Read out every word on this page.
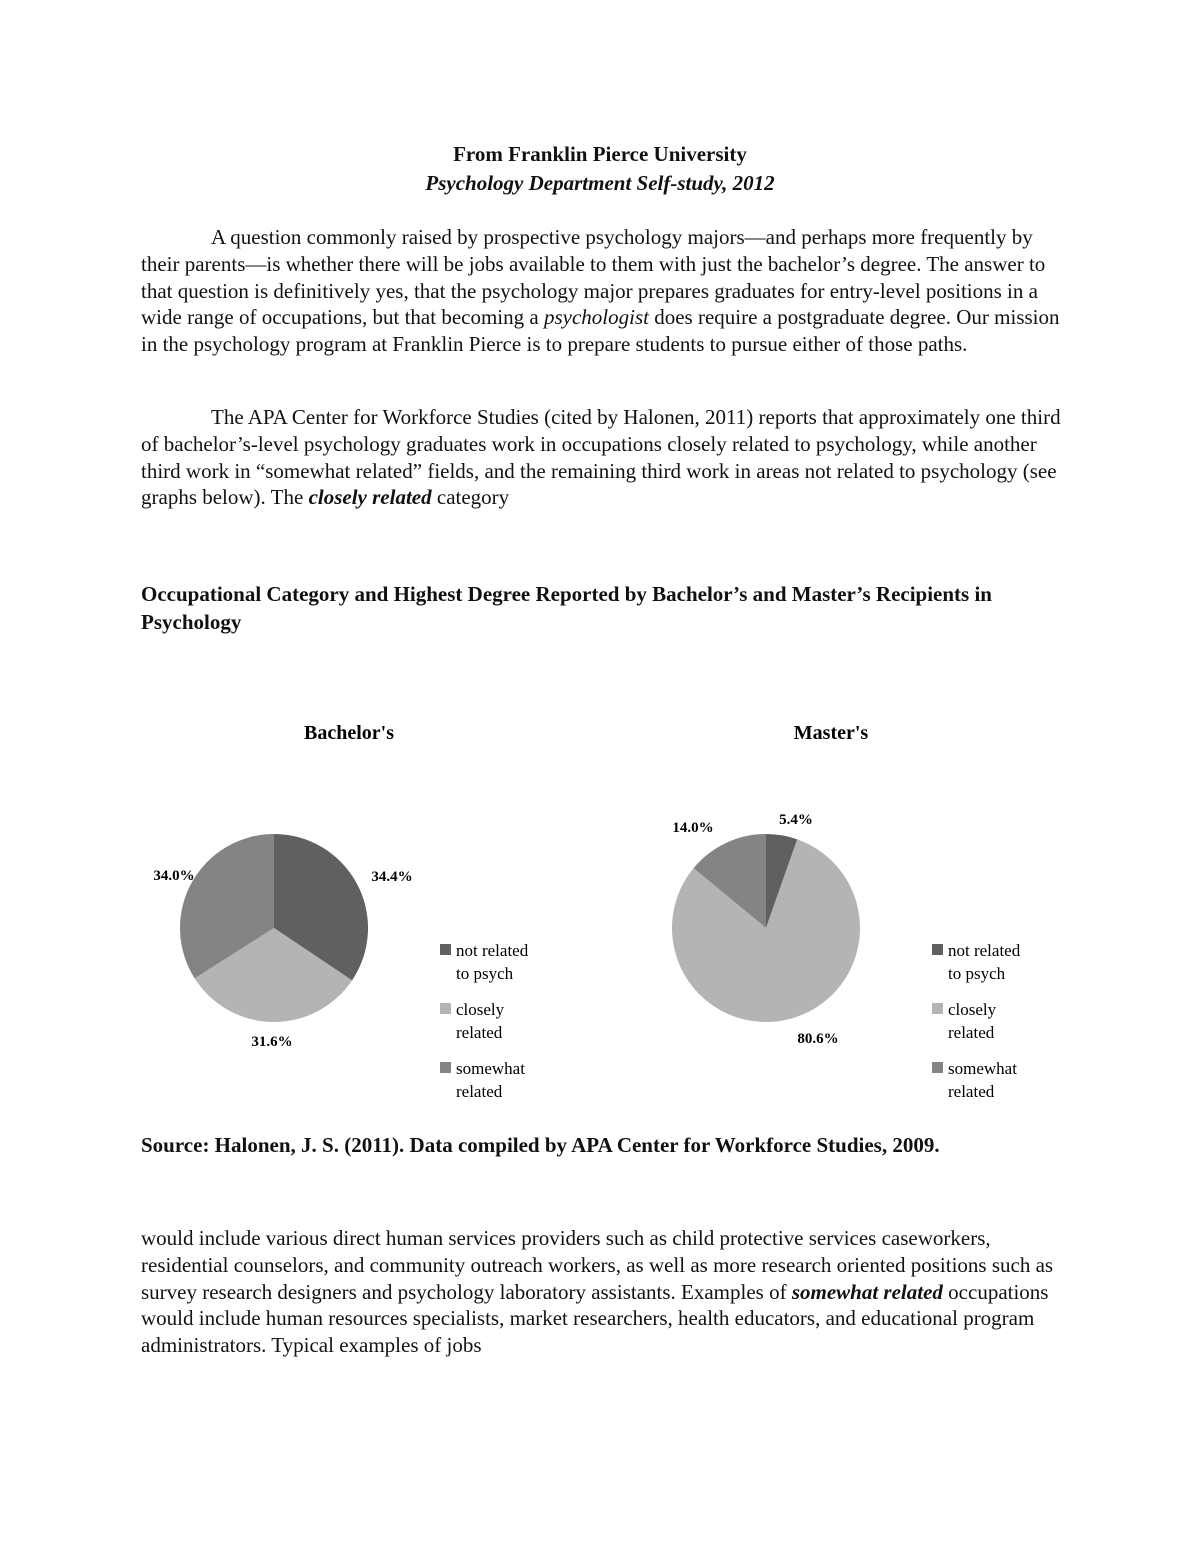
From Franklin Pierce University
Psychology Department Self-study, 2012

A question commonly raised by prospective psychology majors—and perhaps more frequently by their parents—is whether there will be jobs available to them with just the bachelor’s degree. The answer to that question is definitively yes, that the psychology major prepares graduates for entry-level positions in a wide range of occupations, but that becoming a psychologist does require a postgraduate degree. Our mission in the psychology program at Franklin Pierce is to prepare students to pursue either of those paths.

The APA Center for Workforce Studies (cited by Halonen, 2011) reports that approximately one third of bachelor’s-level psychology graduates work in occupations closely related to psychology, while another third work in “somewhat related” fields, and the remaining third work in areas not related to psychology (see graphs below). The closely related category

Occupational Category and Highest Degree Reported by Bachelor’s and Master’s Recipients in Psychology

Bachelor's
34.4%
31.6%
34.0%
not related
to psych
closely
related
somewhat
related
Master's
5.4%
80.6%
14.0%
not related
to psych
closely
related
somewhat
related
Source: Halonen, J. S. (2011). Data compiled by APA Center for Workforce Studies, 2009.

would include various direct human services providers such as child protective services caseworkers, residential counselors, and community outreach workers, as well as more research oriented positions such as survey research designers and psychology laboratory assistants. Examples of somewhat related occupations would include human resources specialists, market researchers, health educators, and educational program administrators. Typical examples of jobs
